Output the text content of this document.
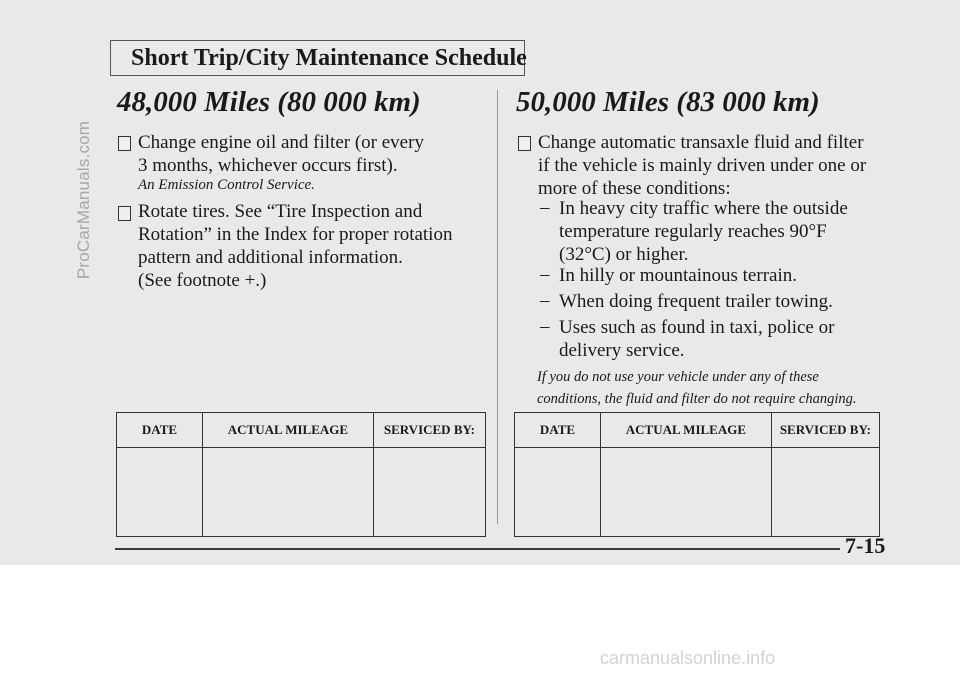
ProCarManuals.com
Short Trip/City Maintenance Schedule
48,000 Miles (80 000 km)
Change engine oil and filter (or every
3 months, whichever occurs first).
An Emission Control Service.
Rotate tires. See “Tire Inspection and
Rotation” in the Index for proper rotation
pattern and additional information.
(See footnote +.)
DATE	ACTUAL MILEAGE	SERVICED BY:

50,000 Miles (83 000 km)
Change automatic transaxle fluid and filter
if the vehicle is mainly driven under one or
more of these conditions:
– In heavy city traffic where the outside
temperature regularly reaches 90°F
(32°C) or higher.
– In hilly or mountainous terrain.
– When doing frequent trailer towing.
– Uses such as found in taxi, police or
delivery service.
If you do not use your vehicle under any of these
conditions, the fluid and filter do not require changing.
DATE	ACTUAL MILEAGE	SERVICED BY:

7-15
carmanualsonline.info
